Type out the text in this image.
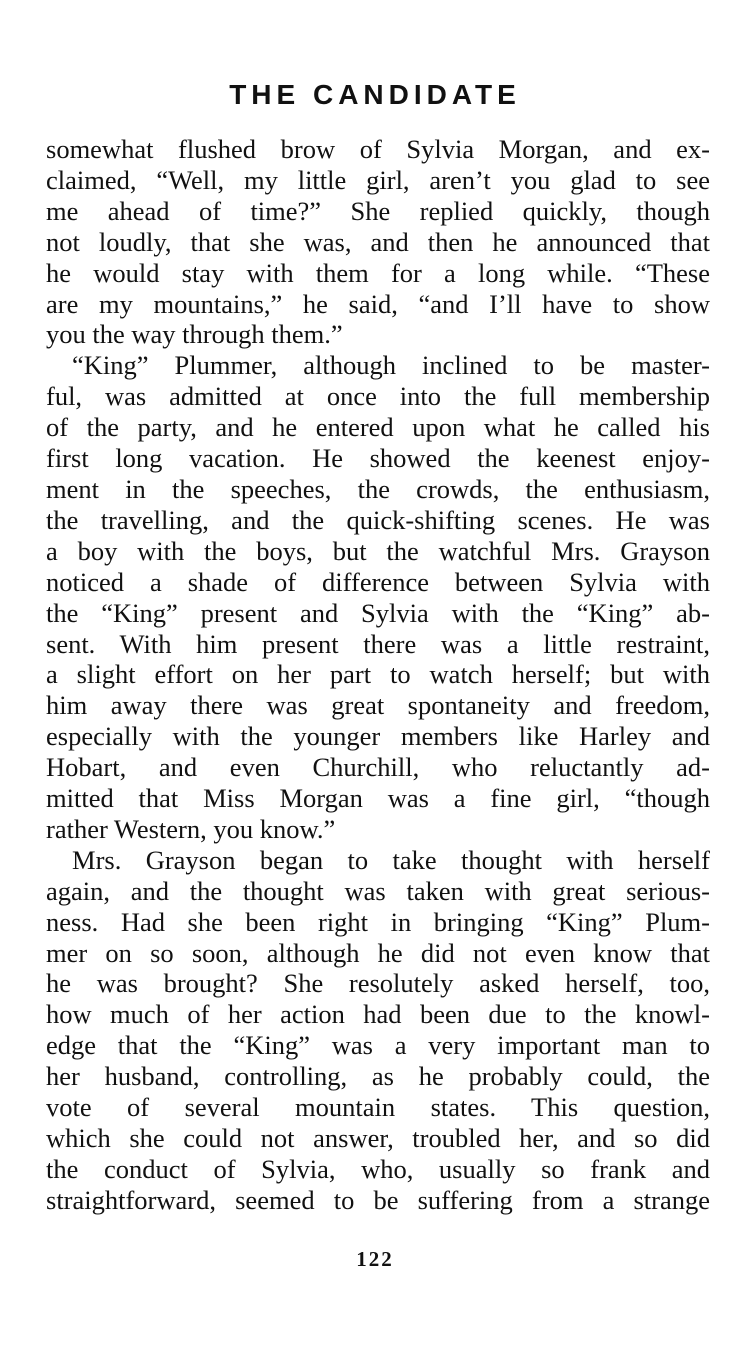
THE CANDIDATE
somewhat flushed brow of Sylvia Morgan, and ex-
claimed, “Well, my little girl, aren’t you glad to see
me ahead of time?” She replied quickly, though
not loudly, that she was, and then he announced that
he would stay with them for a long while. “These
are my mountains,” he said, “and I’ll have to show
you the way through them.”
“King” Plummer, although inclined to be master-
ful, was admitted at once into the full membership
of the party, and he entered upon what he called his
first long vacation. He showed the keenest enjoy-
ment in the speeches, the crowds, the enthusiasm,
the travelling, and the quick-shifting scenes. He was
a boy with the boys, but the watchful Mrs. Grayson
noticed a shade of difference between Sylvia with
the “King” present and Sylvia with the “King” ab-
sent. With him present there was a little restraint,
a slight effort on her part to watch herself; but with
him away there was great spontaneity and freedom,
especially with the younger members like Harley and
Hobart, and even Churchill, who reluctantly ad-
mitted that Miss Morgan was a fine girl, “though
rather Western, you know.”
Mrs. Grayson began to take thought with herself
again, and the thought was taken with great serious-
ness. Had she been right in bringing “King” Plum-
mer on so soon, although he did not even know that
he was brought? She resolutely asked herself, too,
how much of her action had been due to the knowl-
edge that the “King” was a very important man to
her husband, controlling, as he probably could, the
vote of several mountain states. This question,
which she could not answer, troubled her, and so did
the conduct of Sylvia, who, usually so frank and
straightforward, seemed to be suffering from a strange
122
